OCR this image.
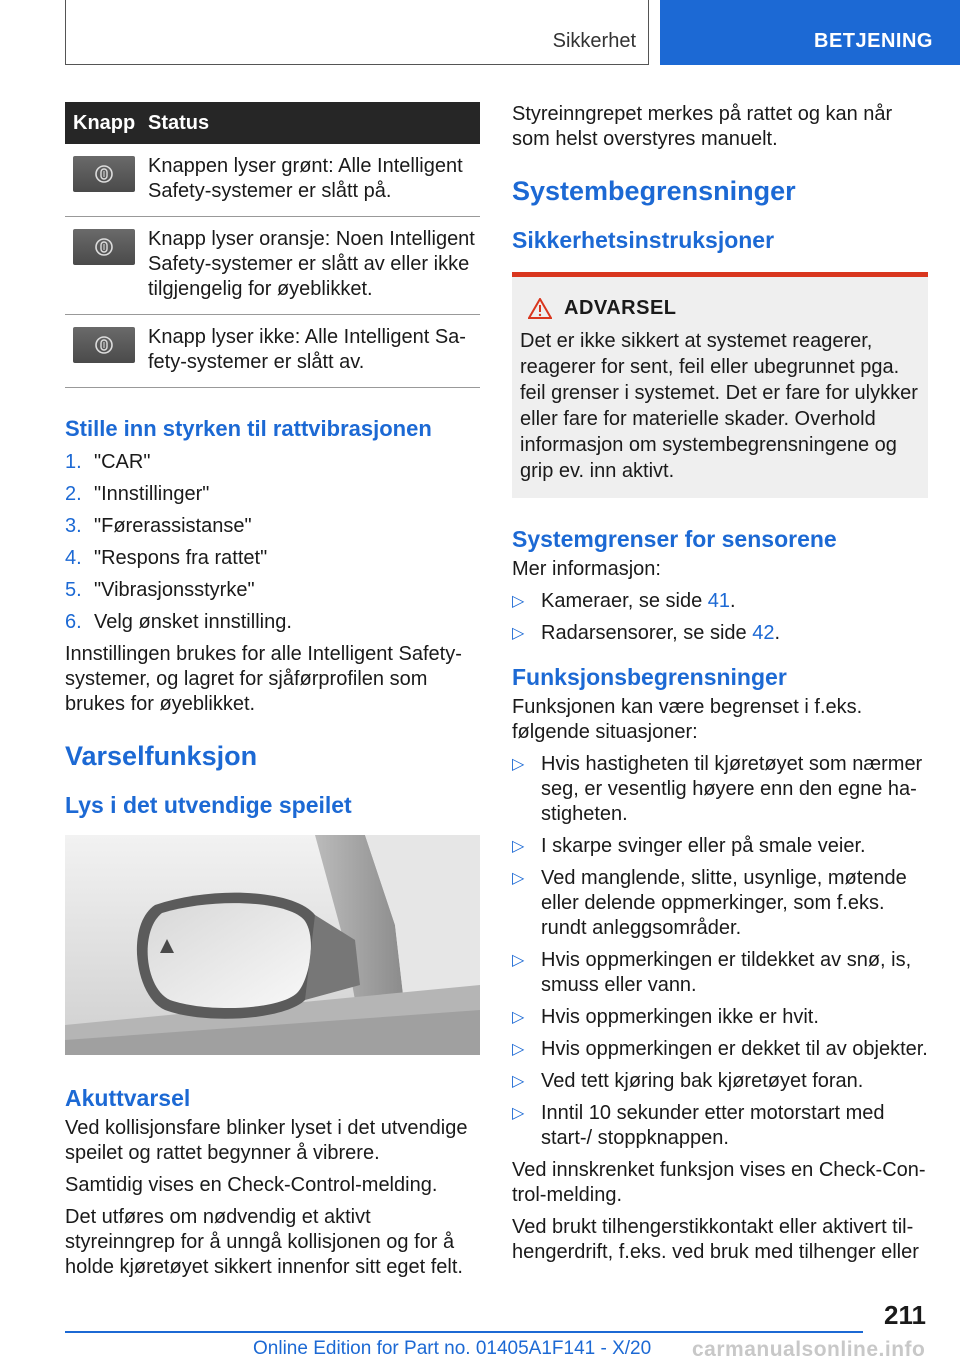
Sikkerhet	BETJENING
Knapp	Status

	Knappen lyser grønt: Alle Intelligent Safety-systemer er slått på.

	Knapp lyser oransje: Noen Intelligent Safety-systemer er slått av eller ikke tilgjengelig for øyeblikket.

	Knapp lyser ikke: Alle Intelligent Safety-systemer er slått av.
Stille inn styrken til rattvibrasjonen
1. "CAR"
2. "Innstillinger"
3. "Førerassistanse"
4. "Respons fra rattet"
5. "Vibrasjonsstyrke"
6. Velg ønsket innstilling.

Innstillingen brukes for alle Intelligent Safety-systemer, og lagret for sjåførprofilen som brukes for øyeblikket.

Varselfunksjon
Lys i det utvendige speilet
Akuttvarsel

Ved kollisjonsfare blinker lyset i det utvendige speilet og rattet begynner å vibrere.

Samtidig vises en Check-Control-melding.

Det utføres om nødvendig et aktivt styreinngrep for å unngå kollisjonen og for å holde kjøretøyet sikkert innenfor sitt eget felt.

Styreinngrepet merkes på rattet og kan når som helst overstyres manuelt.

Systembegrensninger
Sikkerhetsinstruksjoner
ADVARSEL

Det er ikke sikkert at systemet reagerer, reagerer for sent, feil eller ubegrunnet pga. feil grenser i systemet. Det er fare for ulykker eller fare for materielle skader. Overhold informasjon om systembegrensningene og grip ev. inn aktivt.

Systemgrenser for sensorene

Mer informasjon:

▷ Kameraer, se side 41.
▷ Radarsensorer, se side 42.
Funksjonsbegrensninger

Funksjonen kan være begrenset i f.eks. følgende situasjoner:

▷ Hvis hastigheten til kjøretøyet som nærmer seg, er vesentlig høyere enn den egne hastigheten.
▷ I skarpe svinger eller på smale veier.
▷ Ved manglende, slitte, usynlige, møtende eller delende oppmerkinger, som f.eks. rundt anleggsområder.
▷ Hvis oppmerkingen er tildekket av snø, is, smuss eller vann.
▷ Hvis oppmerkingen ikke er hvit.
▷ Hvis oppmerkingen er dekket til av objekter.
▷ Ved tett kjøring bak kjøretøyet foran.
▷ Inntil 10 sekunder etter motorstart med start-/ stoppknappen.

Ved innskrenket funksjon vises en Check-Control-melding.

Ved brukt tilhengerstikkontakt eller aktivert tilhengerdrift, f.eks. ved bruk med tilhenger eller

211
Online Edition for Part no. 01405A1F141 - X/20 carmanualsonline.info
